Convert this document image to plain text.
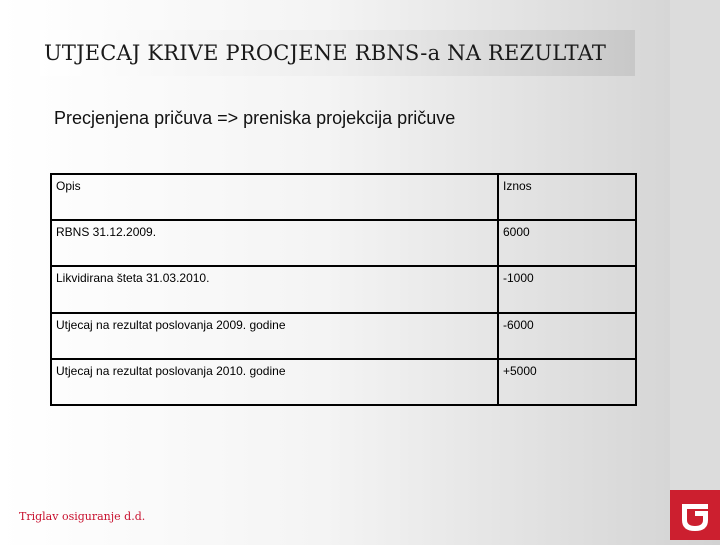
UTJECAJ KRIVE PROCJENE RBNS-a NA REZULTAT
Precjenjena pričuva => preniska projekcija pričuve
Opis	Iznos
RBNS 31.12.2009.	6000
Likvidirana šteta 31.03.2010.	-1000
Utjecaj na rezultat poslovanja 2009. godine	-6000
Utjecaj na rezultat poslovanja 2010. godine	+5000
Triglav osiguranje d.d.
